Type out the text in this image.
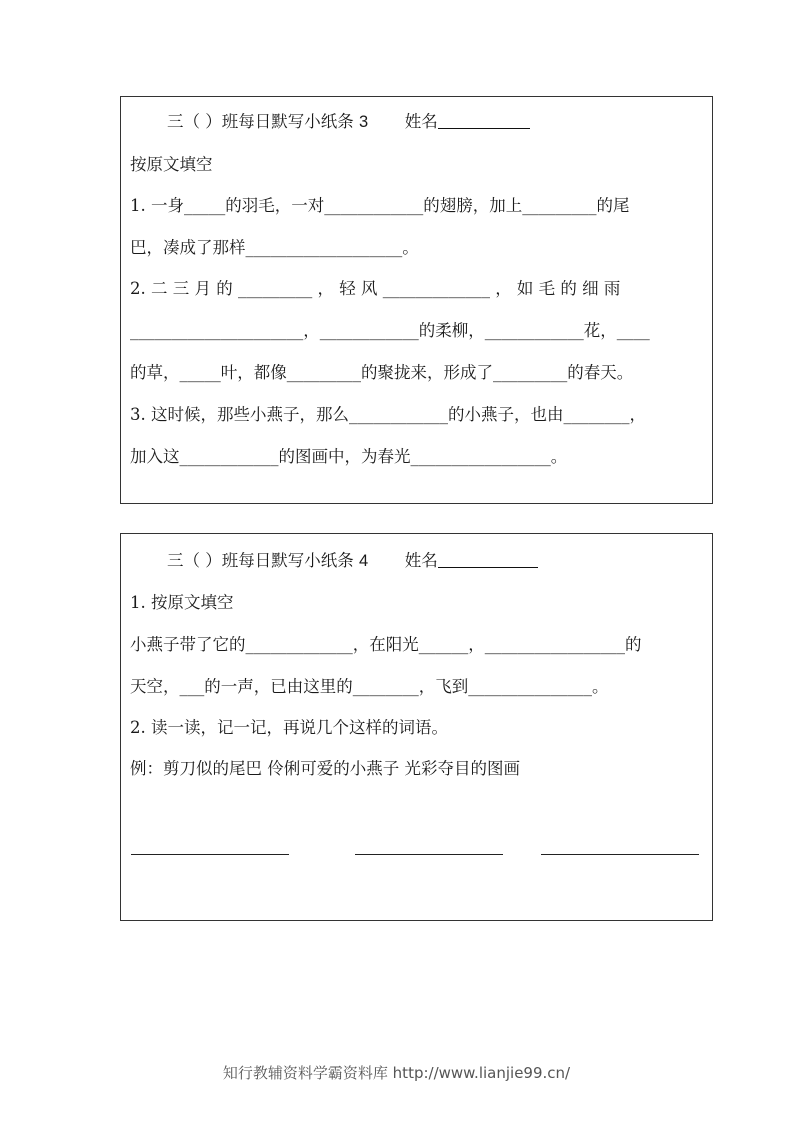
三（ ）班每日默写小纸条 3 姓名
按原文填空
1. 一身_____的羽毛，一对____________的翅膀，加上_________的尾
巴，凑成了那样___________________。
2. 二 三 月 的 _________ ， 轻 风 _____________ ， 如 毛 的 细 雨
_____________________，____________的柔柳，____________花，____
的草，_____叶，都像_________的聚拢来，形成了_________的春天。
3. 这时候，那些小燕子，那么____________的小燕子，也由________，
加入这____________的图画中，为春光_________________。
三（ ）班每日默写小纸条 4 姓名
1. 按原文填空
小燕子带了它的_____________，在阳光______，_________________的
天空，___的一声，已由这里的________，飞到_______________。
2. 读一读，记一记，再说几个这样的词语。
例：剪刀似的尾巴 伶俐可爱的小燕子 光彩夺目的图画
知行教辅资料学霸资料库 http://www.lianjie99.cn/
